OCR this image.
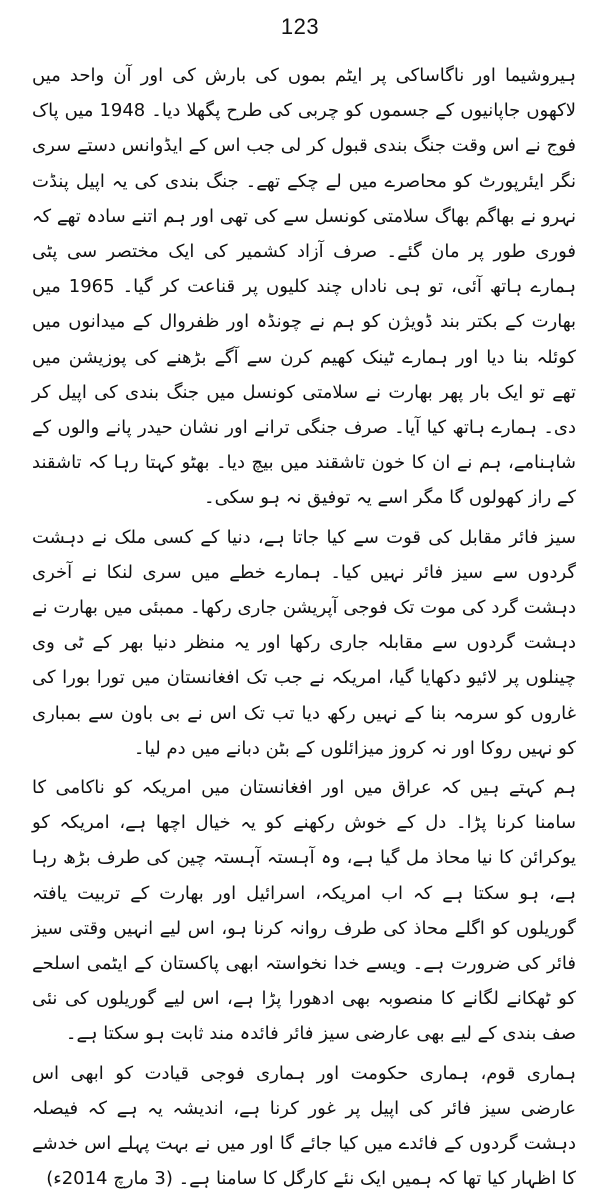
123

ہیروشیما اور ناگاساکی پر ایٹم بموں کی بارش کی اور آن واحد میں لاکھوں جاپانیوں کے جسموں کو چربی کی طرح پگھلا دیا۔ 1948 میں پاک فوج نے اس وقت جنگ بندی قبول کر لی جب اس کے ایڈوانس دستے سری نگر ایئرپورٹ کو محاصرے میں لے چکے تھے۔ جنگ بندی کی یہ اپیل پنڈت نہرو نے بھاگم بھاگ سلامتی کونسل سے کی تھی اور ہم اتنے سادہ تھے کہ فوری طور پر مان گئے۔ صرف آزاد کشمیر کی ایک مختصر سی پٹی ہمارے ہاتھ آئی، تو ہی ناداں چند کلیوں پر قناعت کر گیا۔ 1965 میں بھارت کے بکتر بند ڈویژن کو ہم نے چونڈہ اور ظفروال کے میدانوں میں کوئلہ بنا دیا اور ہمارے ٹینک کھیم کرن سے آگے بڑھنے کی پوزیشن میں تھے تو ایک بار پھر بھارت نے سلامتی کونسل میں جنگ بندی کی اپیل کر دی۔ ہمارے ہاتھ کیا آیا۔ صرف جنگی ترانے اور نشان حیدر پانے والوں کے شاہنامے، ہم نے ان کا خون تاشقند میں بیچ دیا۔ بھٹو کہتا رہا کہ تاشقند کے راز کھولوں گا مگر اسے یہ توفیق نہ ہو سکی۔

سیز فائر مقابل کی قوت سے کیا جاتا ہے، دنیا کے کسی ملک نے دہشت گردوں سے سیز فائر نہیں کیا۔ ہمارے خطے میں سری لنکا نے آخری دہشت گرد کی موت تک فوجی آپریشن جاری رکھا۔ ممبئی میں بھارت نے دہشت گردوں سے مقابلہ جاری رکھا اور یہ منظر دنیا بھر کے ٹی وی چینلوں پر لائیو دکھایا گیا، امریکہ نے جب تک افغانستان میں تورا بورا کی غاروں کو سرمہ بنا کے نہیں رکھ دیا تب تک اس نے بی باون سے بمباری کو نہیں روکا اور نہ کروز میزائلوں کے بٹن دبانے میں دم لیا۔

ہم کہتے ہیں کہ عراق میں اور افغانستان میں امریکہ کو ناکامی کا سامنا کرنا پڑا۔ دل کے خوش رکھنے کو یہ خیال اچھا ہے، امریکہ کو یوکرائن کا نیا محاذ مل گیا ہے، وہ آہستہ آہستہ چین کی طرف بڑھ رہا ہے، ہو سکتا ہے کہ اب امریکہ، اسرائیل اور بھارت کے تربیت یافتہ گوریلوں کو اگلے محاذ کی طرف روانہ کرنا ہو، اس لیے انہیں وقتی سیز فائر کی ضرورت ہے۔ ویسے خدا نخواستہ ابھی پاکستان کے ایٹمی اسلحے کو ٹھکانے لگانے کا منصوبہ بھی ادھورا پڑا ہے، اس لیے گوریلوں کی نئی صف بندی کے لیے بھی عارضی سیز فائر فائدہ مند ثابت ہو سکتا ہے۔

ہماری قوم، ہماری حکومت اور ہماری فوجی قیادت کو ابھی اس عارضی سیز فائر کی اپیل پر غور کرنا ہے، اندیشہ یہ ہے کہ فیصلہ دہشت گردوں کے فائدے میں کیا جائے گا اور میں نے بہت پہلے اس خدشے کا اظہار کیا تھا کہ ہمیں ایک نئے کارگل کا سامنا ہے۔ (3 مارچ 2014ء)
